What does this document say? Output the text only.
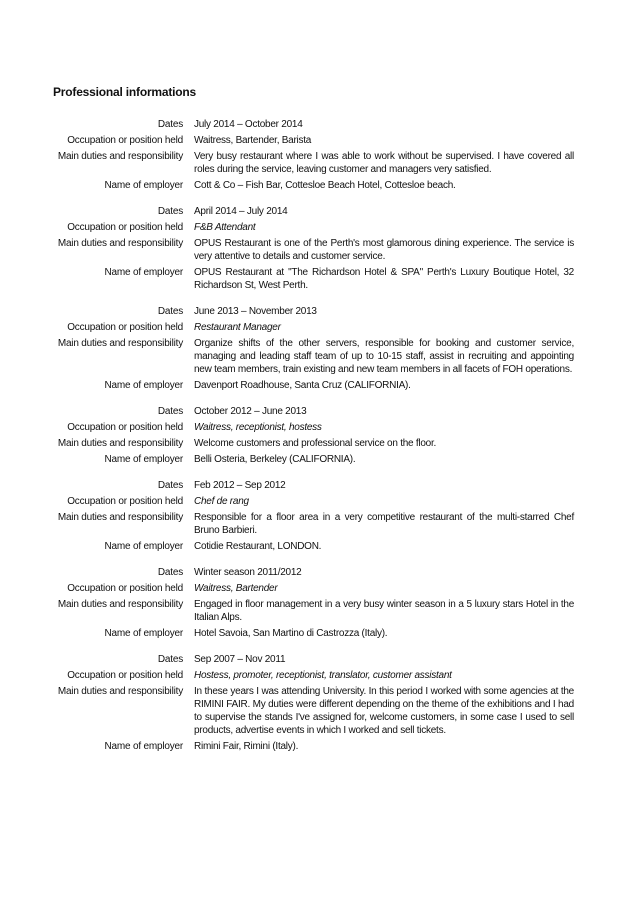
Professional informations
Dates July 2014 – October 2014
Occupation or position held Waitress, Bartender, Barista
Main duties and responsibility Very busy restaurant where I was able to work without be supervised. I have covered all roles during the service, leaving customer and managers very satisfied.
Name of employer Cott & Co – Fish Bar, Cottesloe Beach Hotel, Cottesloe beach.
Dates April 2014 – July 2014
Occupation or position held F&B Attendant
Main duties and responsibility OPUS Restaurant is one of the Perth's most glamorous dining experience. The service is very attentive to details and customer service.
Name of employer OPUS Restaurant at "The Richardson Hotel & SPA" Perth's Luxury Boutique Hotel, 32 Richardson St, West Perth.
Dates June 2013 – November 2013
Occupation or position held Restaurant Manager
Main duties and responsibility Organize shifts of the other servers, responsible for booking and customer service, managing and leading staff team of up to 10-15 staff, assist in recruiting and appointing new team members, train existing and new team members in all facets of FOH operations.
Name of employer Davenport Roadhouse, Santa Cruz (CALIFORNIA).
Dates October 2012 – June 2013
Occupation or position held Waitress, receptionist, hostess
Main duties and responsibility Welcome customers and professional service on the floor.
Name of employer Belli Osteria, Berkeley (CALIFORNIA).
Dates Feb 2012 – Sep 2012
Occupation or position held Chef de rang
Main duties and responsibility Responsible for a floor area in a very competitive restaurant of the multi-starred Chef Bruno Barbieri.
Name of employer Cotidie Restaurant, LONDON.
Dates Winter season 2011/2012
Occupation or position held Waitress, Bartender
Main duties and responsibility Engaged in floor management in a very busy winter season in a 5 luxury stars Hotel in the Italian Alps.
Name of employer Hotel Savoia, San Martino di Castrozza (Italy).
Dates Sep 2007 – Nov 2011
Occupation or position held Hostess, promoter, receptionist, translator, customer assistant
Main duties and responsibility In these years I was attending University. In this period I worked with some agencies at the RIMINI FAIR. My duties were different depending on the theme of the exhibitions and I had to supervise the stands I've assigned for, welcome customers, in some case I used to sell products, advertise events in which I worked and sell tickets.
Name of employer Rimini Fair, Rimini (Italy).
